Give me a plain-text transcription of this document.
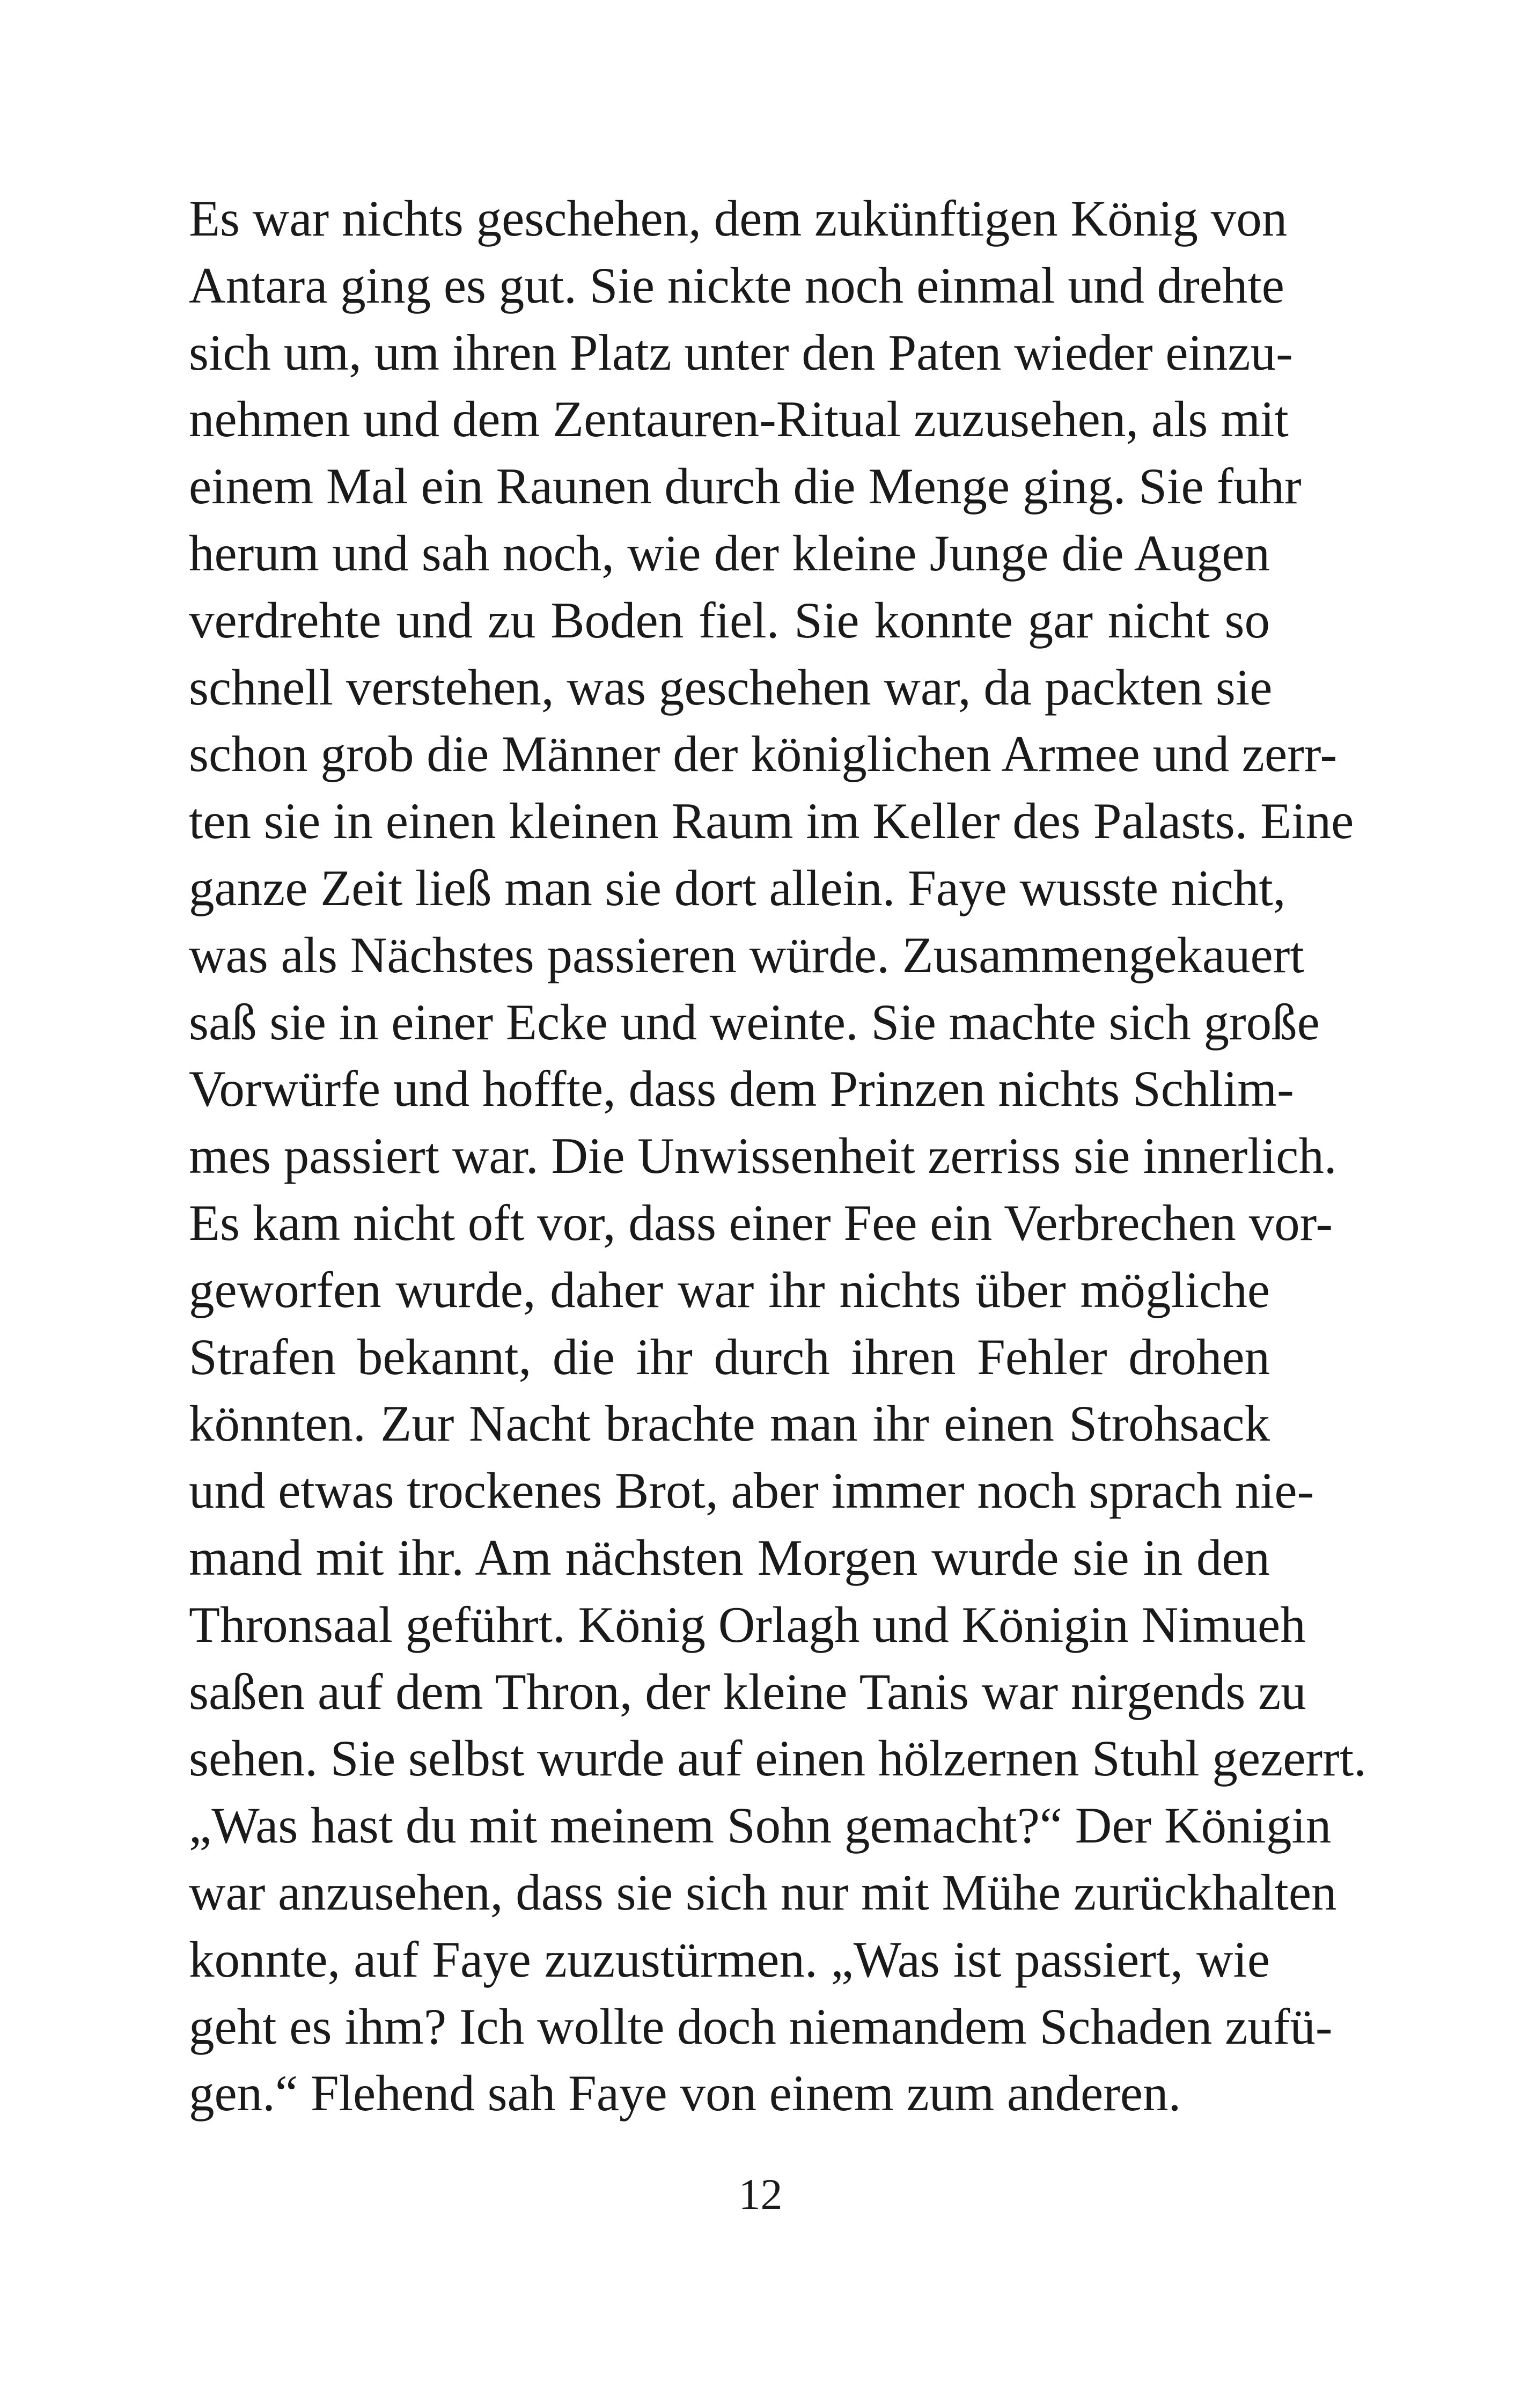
Es war nichts geschehen, dem zukünftigen König von
Antara ging es gut. Sie nickte noch einmal und drehte
sich um, um ihren Platz unter den Paten wieder einzu-
nehmen und dem Zentauren-Ritual zuzusehen, als mit
einem Mal ein Raunen durch die Menge ging. Sie fuhr
herum und sah noch, wie der kleine Junge die Augen
verdrehte und zu Boden fiel. Sie konnte gar nicht so
schnell verstehen, was geschehen war, da packten sie
schon grob die Männer der königlichen Armee und zerr-
ten sie in einen kleinen Raum im Keller des Palasts. Eine
ganze Zeit ließ man sie dort allein. Faye wusste nicht,
was als Nächstes passieren würde. Zusammengekauert
saß sie in einer Ecke und weinte. Sie machte sich große
Vorwürfe und hoffte, dass dem Prinzen nichts Schlim-
mes passiert war. Die Unwissenheit zerriss sie innerlich.
Es kam nicht oft vor, dass einer Fee ein Verbrechen vor-
geworfen wurde, daher war ihr nichts über mögliche
Strafen bekannt, die ihr durch ihren Fehler drohen
könnten. Zur Nacht brachte man ihr einen Strohsack
und etwas trockenes Brot, aber immer noch sprach nie-
mand mit ihr. Am nächsten Morgen wurde sie in den
Thronsaal geführt. König Orlagh und Königin Nimueh
saßen auf dem Thron, der kleine Tanis war nirgends zu
sehen. Sie selbst wurde auf einen hölzernen Stuhl gezerrt.
„Was hast du mit meinem Sohn gemacht?“ Der Königin
war anzusehen, dass sie sich nur mit Mühe zurückhalten
konnte, auf Faye zuzustürmen. „Was ist passiert, wie
geht es ihm? Ich wollte doch niemandem Schaden zufü-
gen.“ Flehend sah Faye von einem zum anderen.
12
